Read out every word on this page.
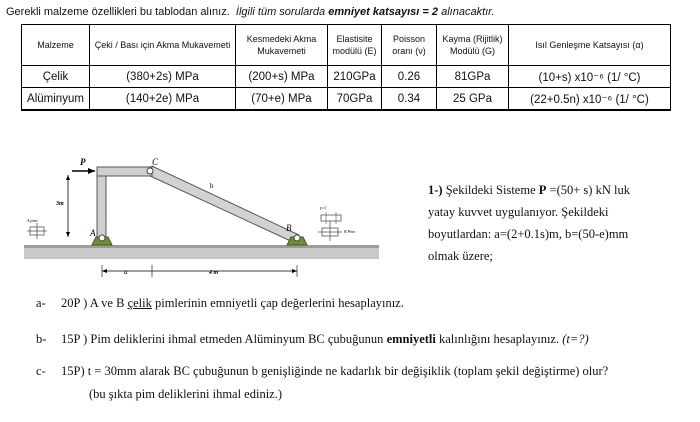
Gerekli malzeme özellikleri bu tablodan alınız. İlgili tüm sorularda emniyet katsayısı = 2 alınacaktır.
Malzeme	Çeki / Bası için Akma Mukavemeti	Kesmedeki Akma Mukavemeti	Elastisite modülü (E)	Poisson oranı (ν)	Kayma (Rijitlik) Modülü (G)	Isıl Genleşme Katsayısı (α)
Çelik	(380+2s) MPa	(200+s) MPa	210GPa	0.26	81GPa	(10+s) x10⁻⁶ (1/ °C)
Alüminyum	(140+2e) MPa	(70+e) MPa	70GPa	0.34	25 GPa	(22+0.5n) x10⁻⁶ (1/ °C)
P	C
b
B
A
3m
A pimi
B Pimi
t=?
a	4 m

1-) Şekildeki Sisteme P =(50+ s) kN luk

yatay kuvvet uygulanıyor. Şekildeki

boyutlardan: a=(2+0.1s)m, b=(50-e)mm

olmak üzere;

a- 20P ) A ve B çelik pimlerinin emniyetli çap değerlerini hesaplayınız.
b- 15P ) Pim deliklerini ihmal etmeden Alüminyum BC çubuğunun emniyetli kalınlığını hesaplayınız. (t=?)
c- 15P) t = 30mm alarak BC çubuğunun b genişliğinde ne kadarlık bir değişiklik (toplam şekil değiştirme) olur?
(bu şıkta pim deliklerini ihmal ediniz.)
